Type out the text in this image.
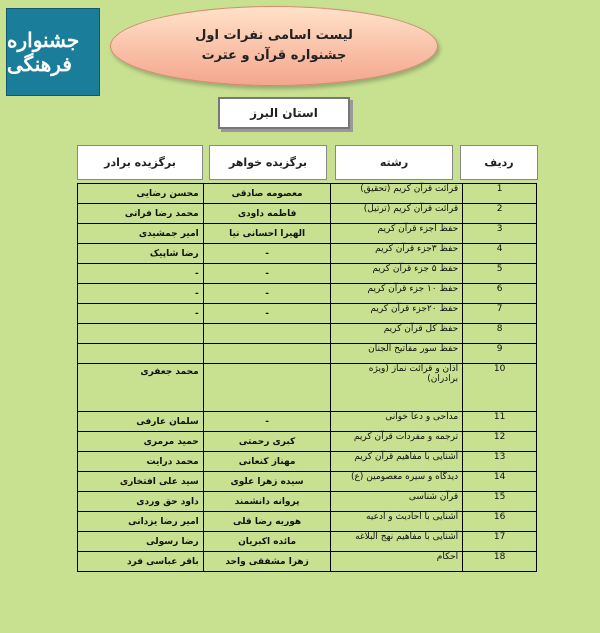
جشنواره فرهنگی
لیست اسامی نفرات اول
جشنواره قرآن و عترت
استان البرز
برگزیده برادر	برگزیده خواهر	رشته	ردیف
محسن رضایی	معصومه صادقی	قرائت قرآن کریم (تحقیق)	1
محمد رضا فراتی	فاطمه داودی	قرائت قرآن کریم (ترتیل)	2
امیر جمشیدی	الهیرا احسانی نیا	حفظ اجزء قرآن کریم	3
رضا شاپیک	-	حفظ ۳جزء قرآن کریم	4
-	-	حفظ ۵ جزء قرآن کریم	5
-	-	حفظ ۱۰ جزء قرآن کریم	6
-	-	حفظ ۲۰جزء قرآن کریم	7
		حفظ کل قرآن کریم	8
		حفظ سور مفاتیح الجنان	9
محمد جعفری		اذان و قرائت نماز (ویژه برادران)	10
سلمان عارفی	-	مداحی و دعا خوانی	11
حمید مرمری	کبری رحمتی	ترجمه و مفردات قرآن کریم	12
محمد درایت	مهناز کنعانی	آشنایی با مفاهیم قرآن کریم	13
سید علی افتخاری	سیده زهرا علوی	دیدگاه و سیره معصومین (ع)	14
داود حق وردی	پروانه دانشمند	قرآن شناسی	15
امیر رضا یزدانی	هوریه رضا قلی	آشنایی با احادیث و ادعیه	16
رضا رسولی	مائده اکبریان	آشنایی با مفاهیم نهج البلاغه	17
باقر عباسی فرد	زهرا مشفقی واحد	احکام	18
